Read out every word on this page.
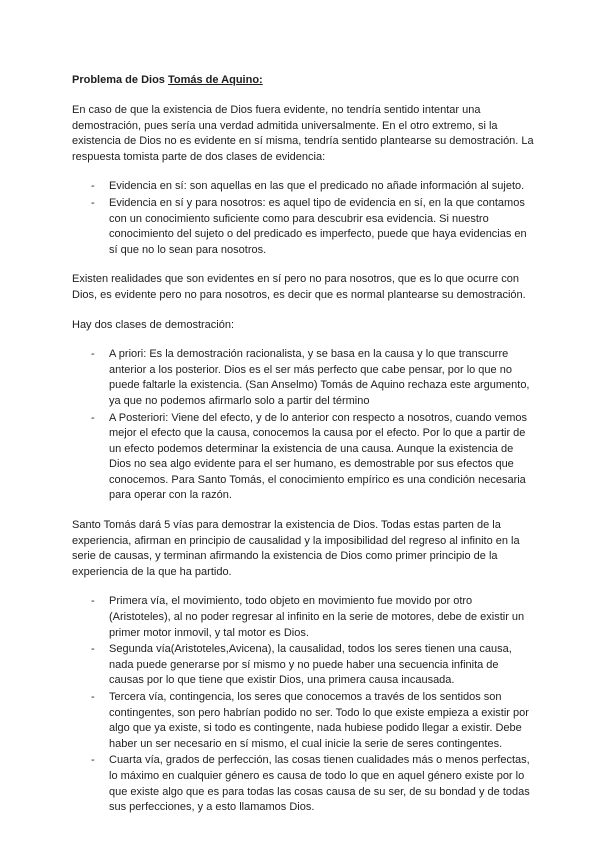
Problema de Dios Tomás de Aquino:

En caso de que la existencia de Dios fuera evidente, no tendría sentido intentar una demostración, pues sería una verdad admitida universalmente. En el otro extremo, si la existencia de Dios no es evidente en sí misma, tendría sentido plantearse su demostración. La respuesta tomista parte de dos clases de evidencia:

- Evidencia en sí: son aquellas en las que el predicado no añade información al sujeto.
- Evidencia en sí y para nosotros: es aquel tipo de evidencia en sí, en la que contamos con un conocimiento suficiente como para descubrir esa evidencia. Si nuestro conocimiento del sujeto o del predicado es imperfecto, puede que haya evidencias en sí que no lo sean para nosotros.

Existen realidades que son evidentes en sí pero no para nosotros, que es lo que ocurre con Dios, es evidente pero no para nosotros, es decir que es normal plantearse su demostración.

Hay dos clases de demostración:

- A priori: Es la demostración racionalista, y se basa en la causa y lo que transcurre anterior a los posterior. Dios es el ser más perfecto que cabe pensar, por lo que no puede faltarle la existencia. (San Anselmo) Tomás de Aquino rechaza este argumento, ya que no podemos afirmarlo solo a partir del término
- A Posteriori: Viene del efecto, y de lo anterior con respecto a nosotros, cuando vemos mejor el efecto que la causa, conocemos la causa por el efecto. Por lo que a partir de un efecto podemos determinar la existencia de una causa. Aunque la existencia de Dios no sea algo evidente para el ser humano, es demostrable por sus efectos que conocemos. Para Santo Tomás, el conocimiento empírico es una condición necesaria para operar con la razón.

Santo Tomás dará 5 vías para demostrar la existencia de Dios. Todas estas parten de la experiencia, afirman en principio de causalidad y la imposibilidad del regreso al infinito en la serie de causas, y terminan afirmando la existencia de Dios como primer principio de la experiencia de la que ha partido.

- Primera vía, el movimiento, todo objeto en movimiento fue movido por otro (Aristoteles), al no poder regresar al infinito en la serie de motores, debe de existir un primer motor inmovil, y tal motor es Dios.
- Segunda vía(Aristoteles,Avicena), la causalidad, todos los seres tienen una causa, nada puede generarse por sí mismo y no puede haber una secuencia infinita de causas por lo que tiene que existir Dios, una primera causa incausada.
- Tercera vía, contingencia, los seres que conocemos a través de los sentidos son contingentes, son pero habrían podido no ser. Todo lo que existe empieza a existir por algo que ya existe, si todo es contingente, nada hubiese podido llegar a existir. Debe haber un ser necesario en sí mismo, el cual inicie la serie de seres contingentes.
- Cuarta vía, grados de perfección, las cosas tienen cualidades más o menos perfectas, lo máximo en cualquier género es causa de todo lo que en aquel género existe por lo que existe algo que es para todas las cosas causa de su ser, de su bondad y de todas sus perfecciones, y a esto llamamos Dios.
